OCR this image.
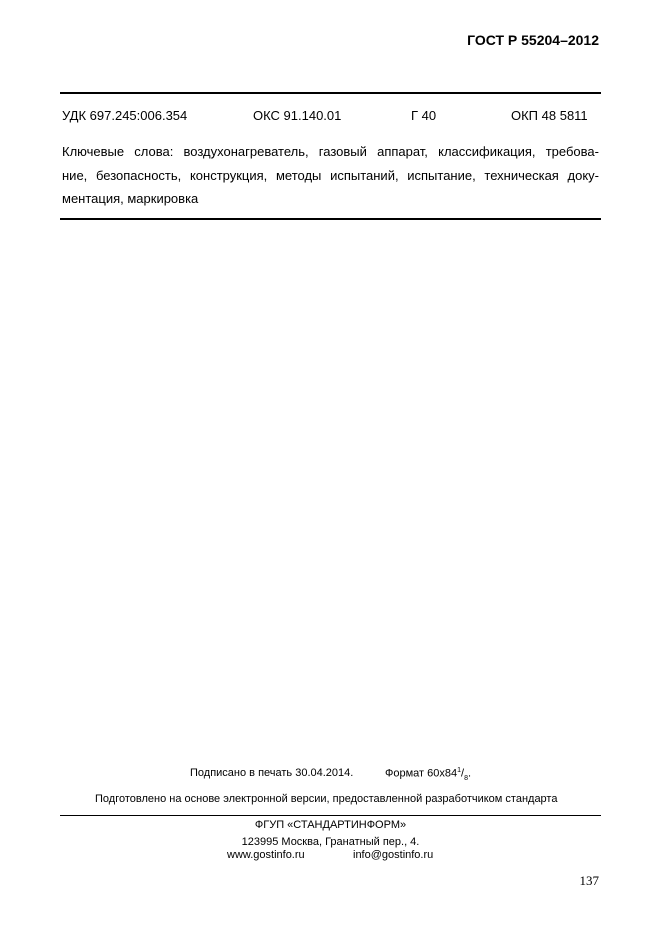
ГОСТ Р 55204–2012
УДК 697.245:006.354	ОКС 91.140.01	Г 40	ОКП 48 5811
Ключевые слова: воздухонагреватель, газовый аппарат, классификация, требова-
ние, безопасность, конструкция, методы испытаний, испытание, техническая доку-
ментация, маркировка
Подписано в печать 30.04.2014.	Формат $60x84^1/_8$.
Подготовлено на основе электронной версии, предоставленной разработчиком стандарта
ФГУП «СТАНДАРТИНФОРМ»
123995 Москва, Гранатный пер., 4.
www.gostinfo.ru	info@gostinfo.ru
137
